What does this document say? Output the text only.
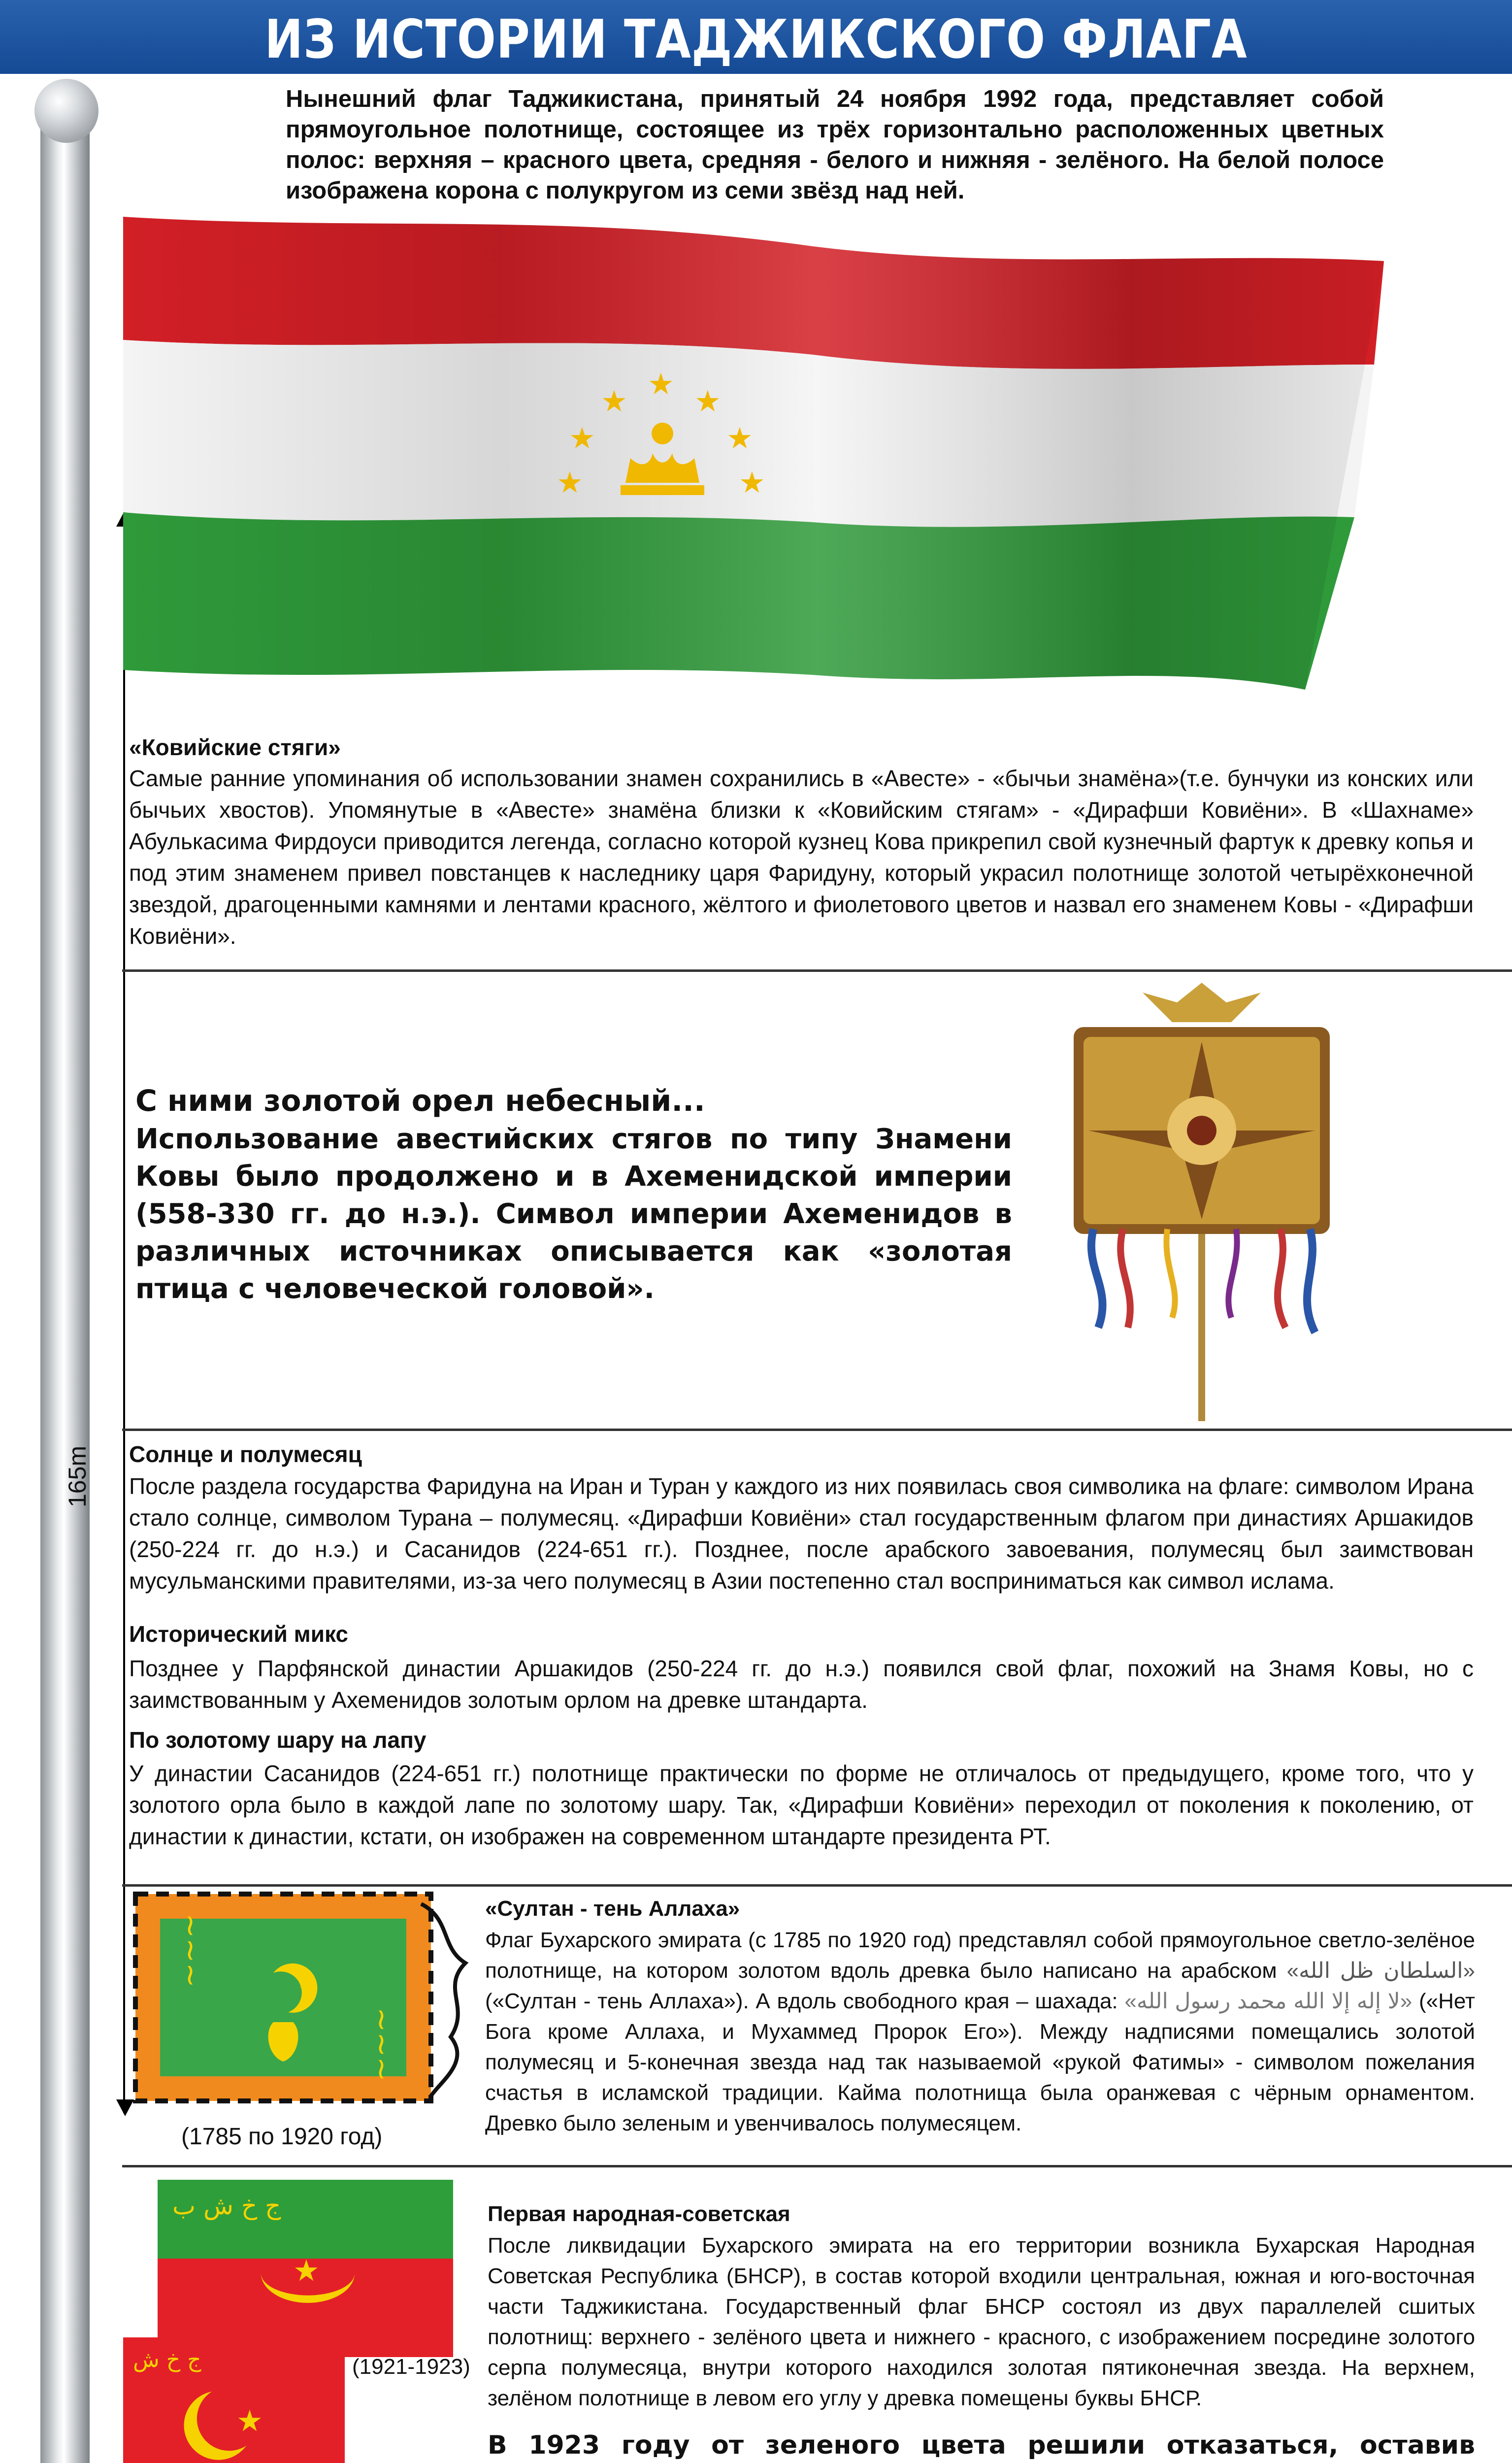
ИЗ ИСТОРИИ ТАДЖИКСКОГО ФЛАГА
165m
Нынешний флаг Таджикистана, принятый 24 ноября 1992 года, представляет собой прямоугольное полотнище, состоящее из трёх горизонтально расположенных цветных полос: верхняя – красного цвета, средняя - белого и нижняя - зелёного. На белой полосе изображена корона с полукругом из семи звёзд над ней.
★
★
★ ★ ★
★
★
«Ковийские стяги»
Самые ранние упоминания об использовании знамен сохранились в «Авесте» - «бычьи знамёна»(т.е. бунчуки из конских или бычьих хвостов). Упомянутые в «Авесте» знамёна близки к «Ковийским стягам» - «Дирафши Ковиёни». В «Шахнаме» Абулькасима Фирдоуси приводится легенда, согласно которой кузнец Кова прикрепил свой кузнечный фартук к древку копья и под этим знаменем привел повстанцев к наследнику царя Фаридуну, который украсил полотнище золотой четырёхконечной звездой, драгоценными камнями и лентами красного, жёлтого и фиолетового цветов и назвал его знаменем Ковы - «Дирафши Ковиёни».
С ними золотой орел небесный...
Использование авестийских стягов по типу Знамени Ковы было продолжено и в Ахеменидской империи (558-330 гг. до н.э.). Символ империи Ахеменидов в различных источниках описывается как «золотая птица с человеческой головой».
Солнце и полумесяц
После раздела государства Фаридуна на Иран и Туран у каждого из них появилась своя символика на флаге: символом Ирана стало солнце, символом Турана – полумесяц. «Дирафши Ковиёни» стал государственным флагом при династиях Аршакидов (250-224 гг. до н.э.) и Сасанидов (224-651 гг.). Позднее, после арабского завоевания, полумесяц был заимствован мусульманскими правителями, из-за чего полумесяц в Азии постепенно стал восприниматься как символ ислама.
Исторический микс
Позднее у Парфянской династии Аршакидов (250-224 гг. до н.э.) появился свой флаг, похожий на Знамя Ковы, но с заимствованным у Ахеменидов золотым орлом на древке штандарта.
По золотому шару на лапу
У династии Сасанидов (224-651 гг.) полотнище практически по форме не отличалось от предыдущего, кроме того, что у золотого орла было в каждой лапе по золотому шару. Так, «Дирафши Ковиёни» переходил от поколения к поколению, от династии к династии, кстати, он изображен на современном штандарте президента РТ.
★
~~~
~~~
(1785 по 1920 год)
«Султан - тень Аллаха»
Флаг Бухарского эмирата (с 1785 по 1920 год) представлял собой прямоугольное светло-зелёное полотнище, на котором золотом вдоль древка было написано на арабском «السلطان ظل الله» («Султан - тень Аллаха»). А вдоль свободного края – шахада: «لا إله إلا الله محمد رسول الله» («Нет Бога кроме Аллаха, и Мухаммед Пророк Его»). Между надписями помещались золотой полумесяц и 5-конечная звезда над так называемой «рукой Фатимы» - символом пожелания счастья в исламской традиции. Кайма полотнища была оранжевая с чёрным орнаментом. Древко было зеленым и увенчивалось полумесяцем.
★
ج خ ش ب
(1921-1923)
★
ج خ ش
Первая народная-советская
После ликвидации Бухарского эмирата на его территории возникла Бухарская Народная Советская Республика (БНСР), в состав которой входили центральная, южная и юго-восточная части Таджикистана. Государственный флаг БНСР состоял из двух параллелей сшитых полотнищ: верхнего - зелёного цвета и нижнего - красного, с изображением посредине золотого серпа полумесяца, внутри которого находился золотая пятиконечная звезда. На верхнем, зелёном полотнище в левом его углу у древка помещены буквы БНСР.
В 1923 году от зеленого цвета решили отказаться, оставив
